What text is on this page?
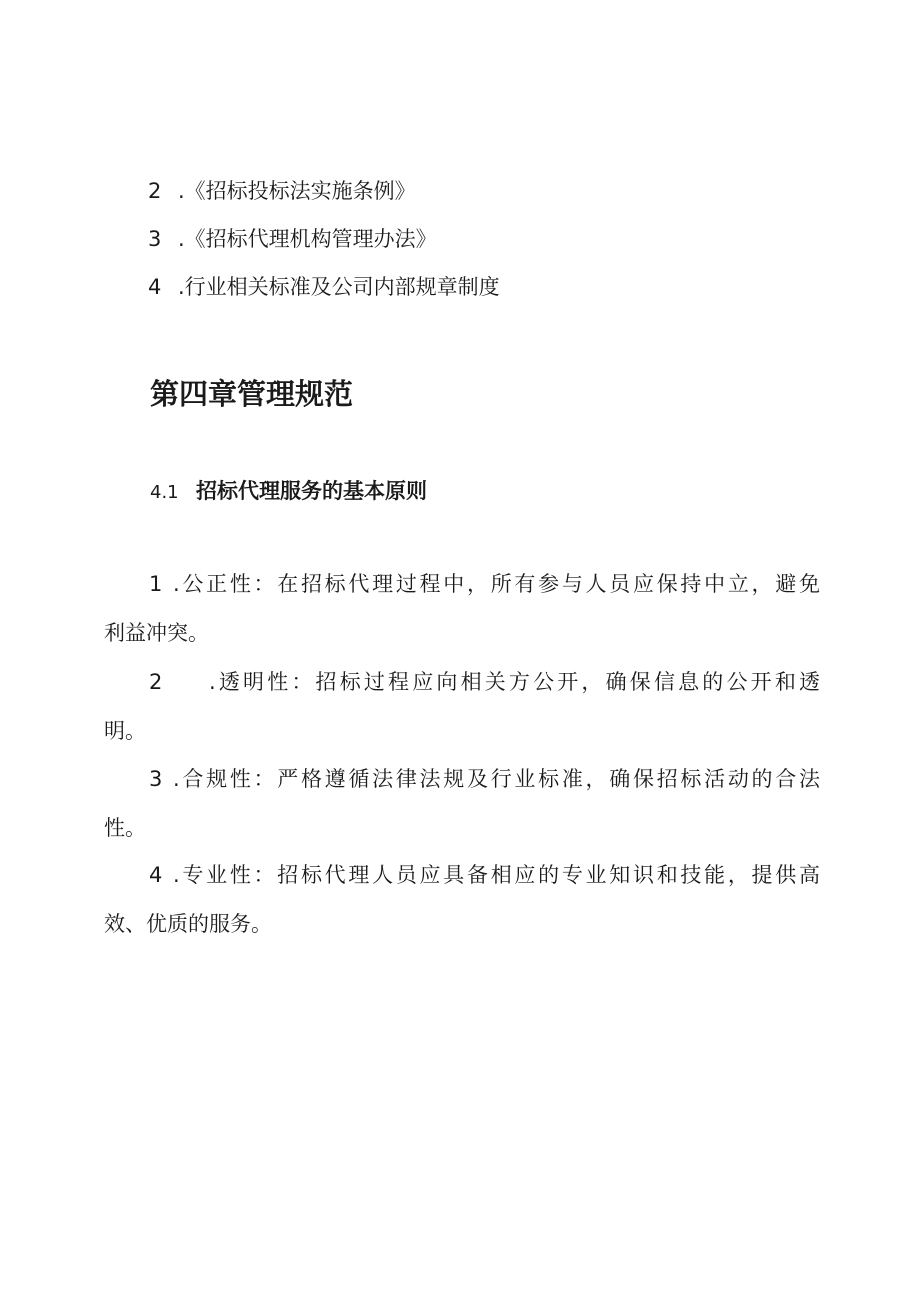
2 .《招标投标法实施条例》
3 .《招标代理机构管理办法》
4 .行业相关标准及公司内部规章制度
第四章管理规范
4.1 招标代理服务的基本原则
1 .公正性：在招标代理过程中，所有参与人员应保持中立，避免
利益冲突。
2 .透明性：招标过程应向相关方公开，确保信息的公开和透
明。
3 .合规性：严格遵循法律法规及行业标准，确保招标活动的合法
性。
4 .专业性：招标代理人员应具备相应的专业知识和技能，提供高
效、优质的服务。
